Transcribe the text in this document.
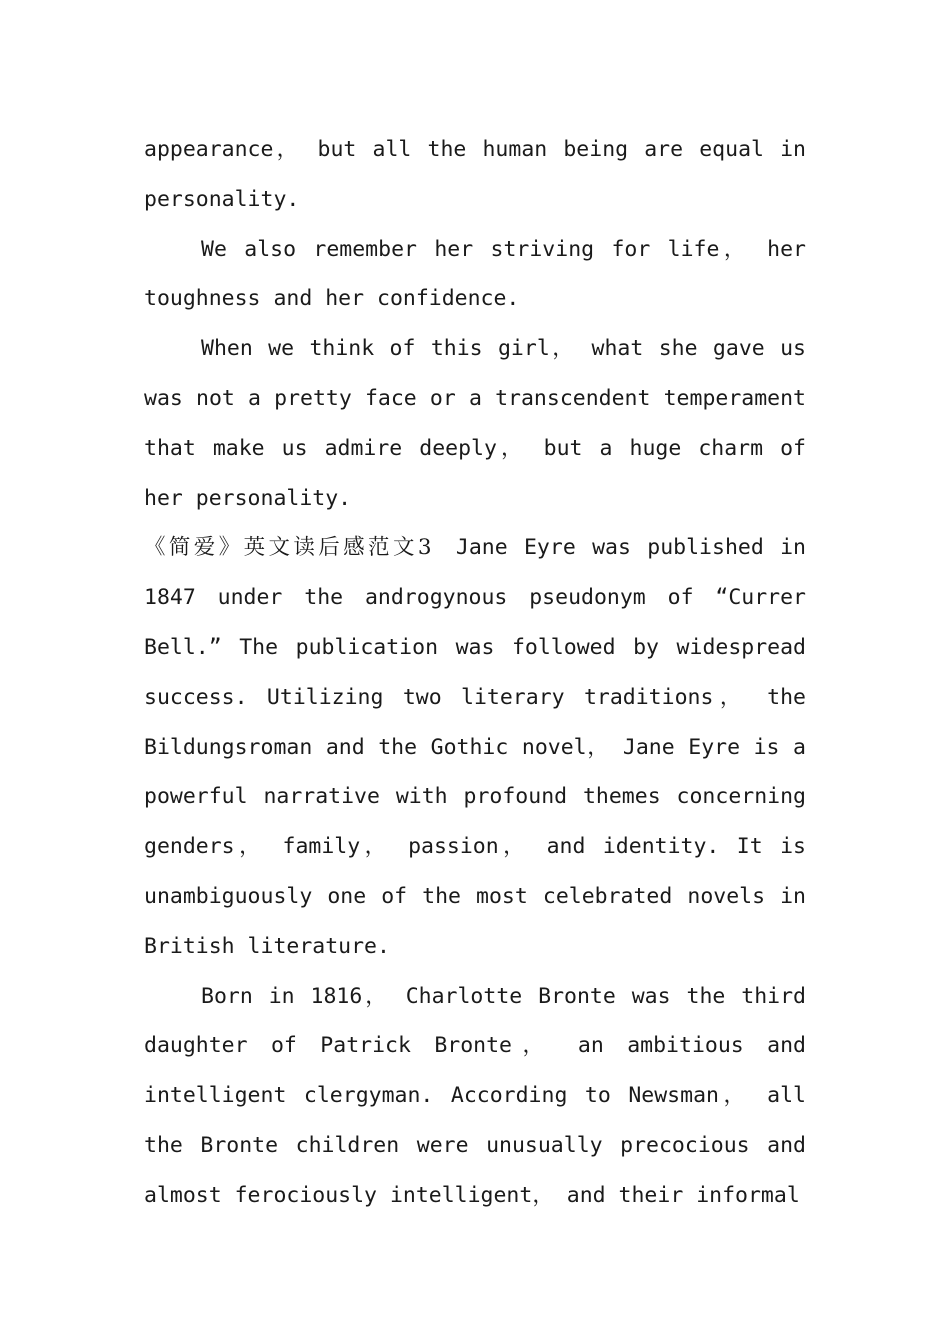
appearance， but all the human being are equal in personality.

We also remember her striving for life， her toughness and her confidence.

When we think of this girl， what she gave us was not a pretty face or a transcendent temperament that make us admire deeply， but a huge charm of her personality.

《简爱》英文读后感范文3 Jane Eyre was published in 1847 under the androgynous pseudonym of “Currer Bell.” The publication was followed by widespread success. Utilizing two literary traditions， the Bildungsroman and the Gothic novel， Jane Eyre is a powerful narrative with profound themes concerning genders， family， passion， and identity. It is unambiguously one of the most celebrated novels in British literature.

Born in 1816， Charlotte Bronte was the third daughter of Patrick Bronte， an ambitious and intelligent clergyman. According to Newsman， all the Bronte children were unusually precocious and almost ferociously intelligent， and their informal
